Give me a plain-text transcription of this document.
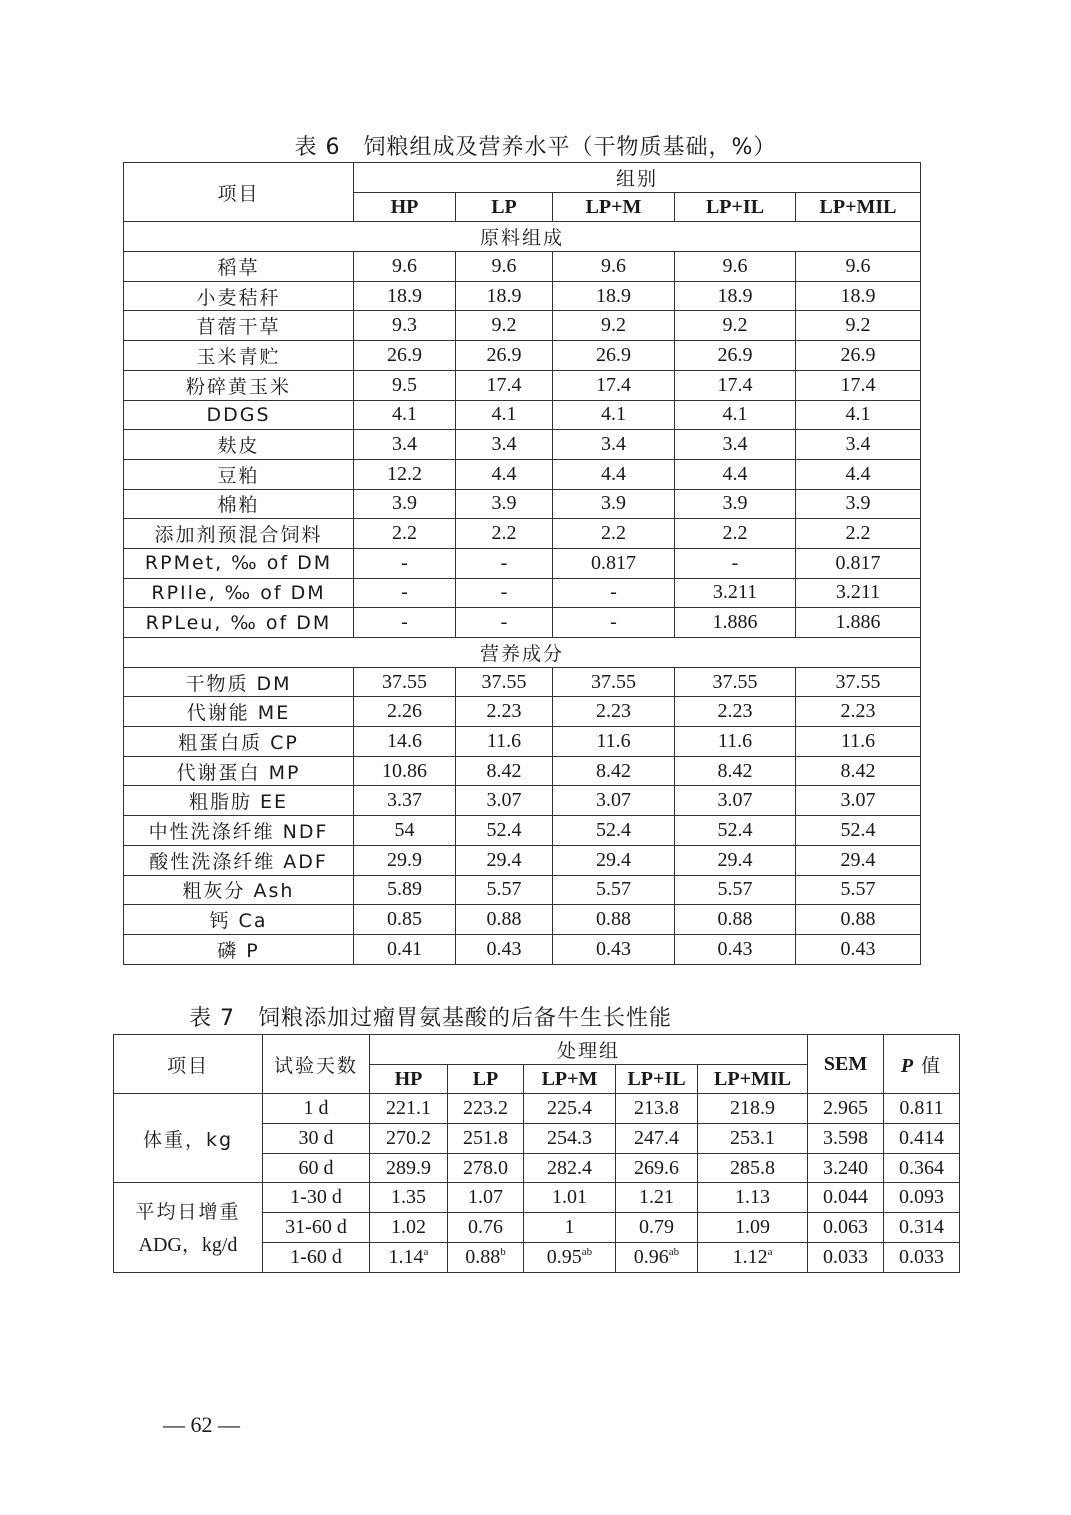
表 6　饲粮组成及营养水平（干物质基础，%）
项目	组别				
	HP	LP	LP+M	LP+IL	LP+MIL
原料组成					
稻草	9.6	9.6	9.6	9.6	9.6
小麦秸秆	18.9	18.9	18.9	18.9	18.9
苜蓿干草	9.3	9.2	9.2	9.2	9.2
玉米青贮	26.9	26.9	26.9	26.9	26.9
粉碎黄玉米	9.5	17.4	17.4	17.4	17.4
DDGS	4.1	4.1	4.1	4.1	4.1
麸皮	3.4	3.4	3.4	3.4	3.4
豆粕	12.2	4.4	4.4	4.4	4.4
棉粕	3.9	3.9	3.9	3.9	3.9
添加剂预混合饲料	2.2	2.2	2.2	2.2	2.2
RPMet, ‰ of DM	-	-	0.817	-	0.817
RPIle, ‰ of DM	-	-	-	3.211	3.211
RPLeu, ‰ of DM	-	-	-	1.886	1.886
营养成分					
干物质 DM	37.55	37.55	37.55	37.55	37.55
代谢能 ME	2.26	2.23	2.23	2.23	2.23
粗蛋白质 CP	14.6	11.6	11.6	11.6	11.6
代谢蛋白 MP	10.86	8.42	8.42	8.42	8.42
粗脂肪 EE	3.37	3.07	3.07	3.07	3.07
中性洗涤纤维 NDF	54	52.4	52.4	52.4	52.4
酸性洗涤纤维 ADF	29.9	29.4	29.4	29.4	29.4
粗灰分 Ash	5.89	5.57	5.57	5.57	5.57
钙 Ca	0.85	0.88	0.88	0.88	0.88
磷 P	0.41	0.43	0.43	0.43	0.43
表 7　饲粮添加过瘤胃氨基酸的后备牛生长性能
项目	试验天数	处理组					SEM	P 值
		HP	LP	LP+M	LP+IL	LP+MIL		
体重，kg	1 d	221.1	223.2	225.4	213.8	218.9	2.965	0.811
	30 d	270.2	251.8	254.3	247.4	253.1	3.598	0.414
	60 d	289.9	278.0	282.4	269.6	285.8	3.240	0.364

平均日增重
ADG，kg/d	1-30 d	1.35	1.07	1.01	1.21	1.13	0.044	0.093
	31-60 d	1.02	0.76	1	0.79	1.09	0.063	0.314
	1-60 d	1.14$^a$	0.88$^b$	0.95$^{ab}$	0.96$^{ab}$	1.12$^a$	0.033	0.033
— 62 —
